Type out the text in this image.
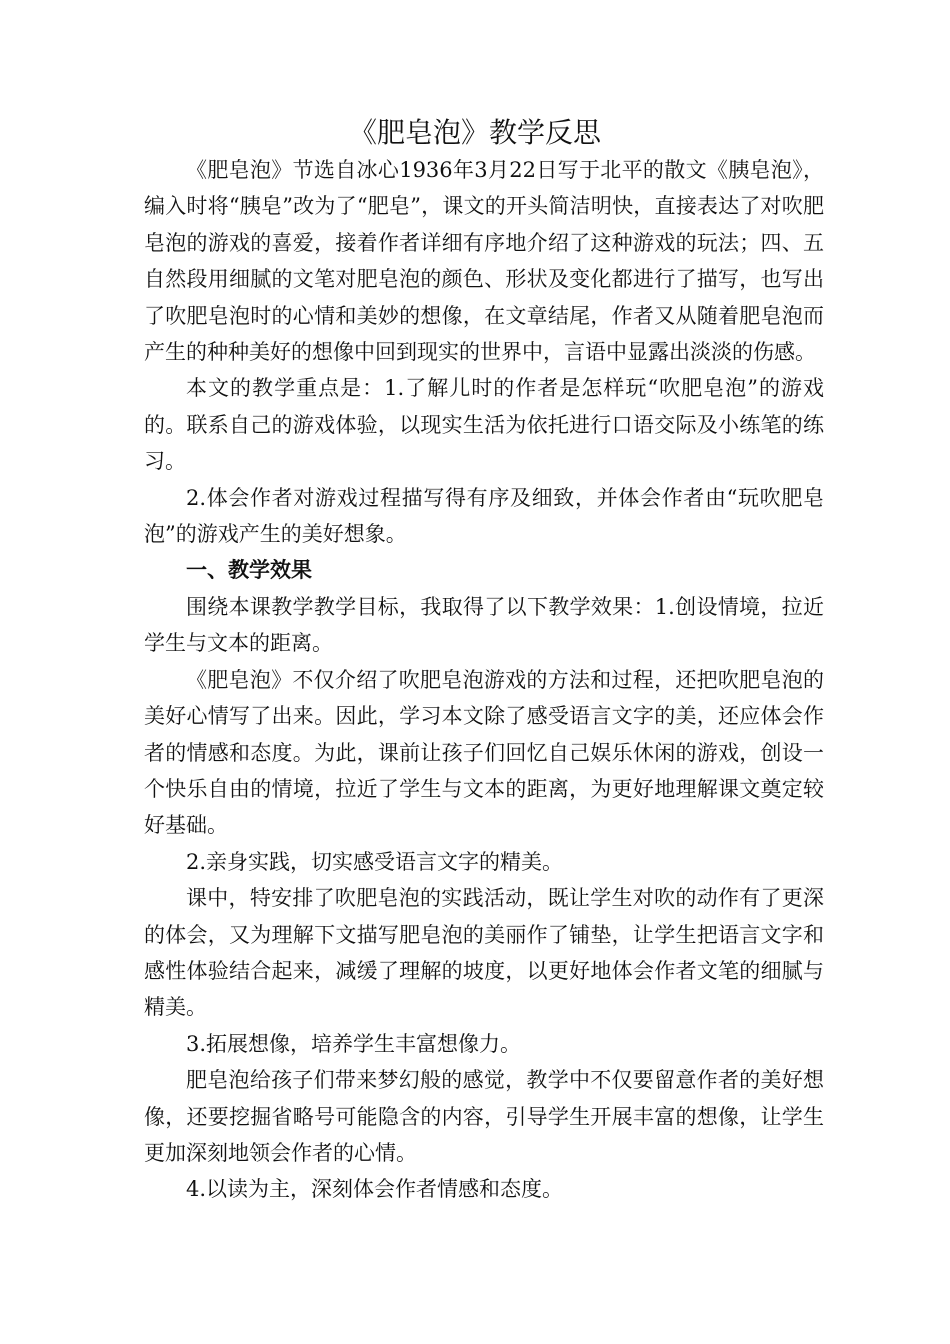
《肥皂泡》教学反思

《肥皂泡》节选自冰心1936年3月22日写于北平的散文《胰皂泡》，编入时将“胰皂”改为了“肥皂”，课文的开头简洁明快，直接表达了对吹肥皂泡的游戏的喜爱，接着作者详细有序地介绍了这种游戏的玩法；四、五自然段用细腻的文笔对肥皂泡的颜色、形状及变化都进行了描写，也写出了吹肥皂泡时的心情和美妙的想像，在文章结尾，作者又从随着肥皂泡而产生的种种美好的想像中回到现实的世界中，言语中显露出淡淡的伤感。

本文的教学重点是：1.了解儿时的作者是怎样玩“吹肥皂泡”的游戏的。联系自己的游戏体验，以现实生活为依托进行口语交际及小练笔的练习。

2.体会作者对游戏过程描写得有序及细致，并体会作者由“玩吹肥皂泡”的游戏产生的美好想象。

一、教学效果

围绕本课教学教学目标，我取得了以下教学效果：1.创设情境，拉近学生与文本的距离。

《肥皂泡》不仅介绍了吹肥皂泡游戏的方法和过程，还把吹肥皂泡的美好心情写了出来。因此，学习本文除了感受语言文字的美，还应体会作者的情感和态度。为此，课前让孩子们回忆自己娱乐休闲的游戏，创设一个快乐自由的情境，拉近了学生与文本的距离，为更好地理解课文奠定较好基础。

2.亲身实践，切实感受语言文字的精美。

课中，特安排了吹肥皂泡的实践活动，既让学生对吹的动作有了更深的体会，又为理解下文描写肥皂泡的美丽作了铺垫，让学生把语言文字和感性体验结合起来，减缓了理解的坡度，以更好地体会作者文笔的细腻与精美。

3.拓展想像，培养学生丰富想像力。

肥皂泡给孩子们带来梦幻般的感觉，教学中不仅要留意作者的美好想像，还要挖掘省略号可能隐含的内容，引导学生开展丰富的想像，让学生更加深刻地领会作者的心情。

4.以读为主，深刻体会作者情感和态度。
